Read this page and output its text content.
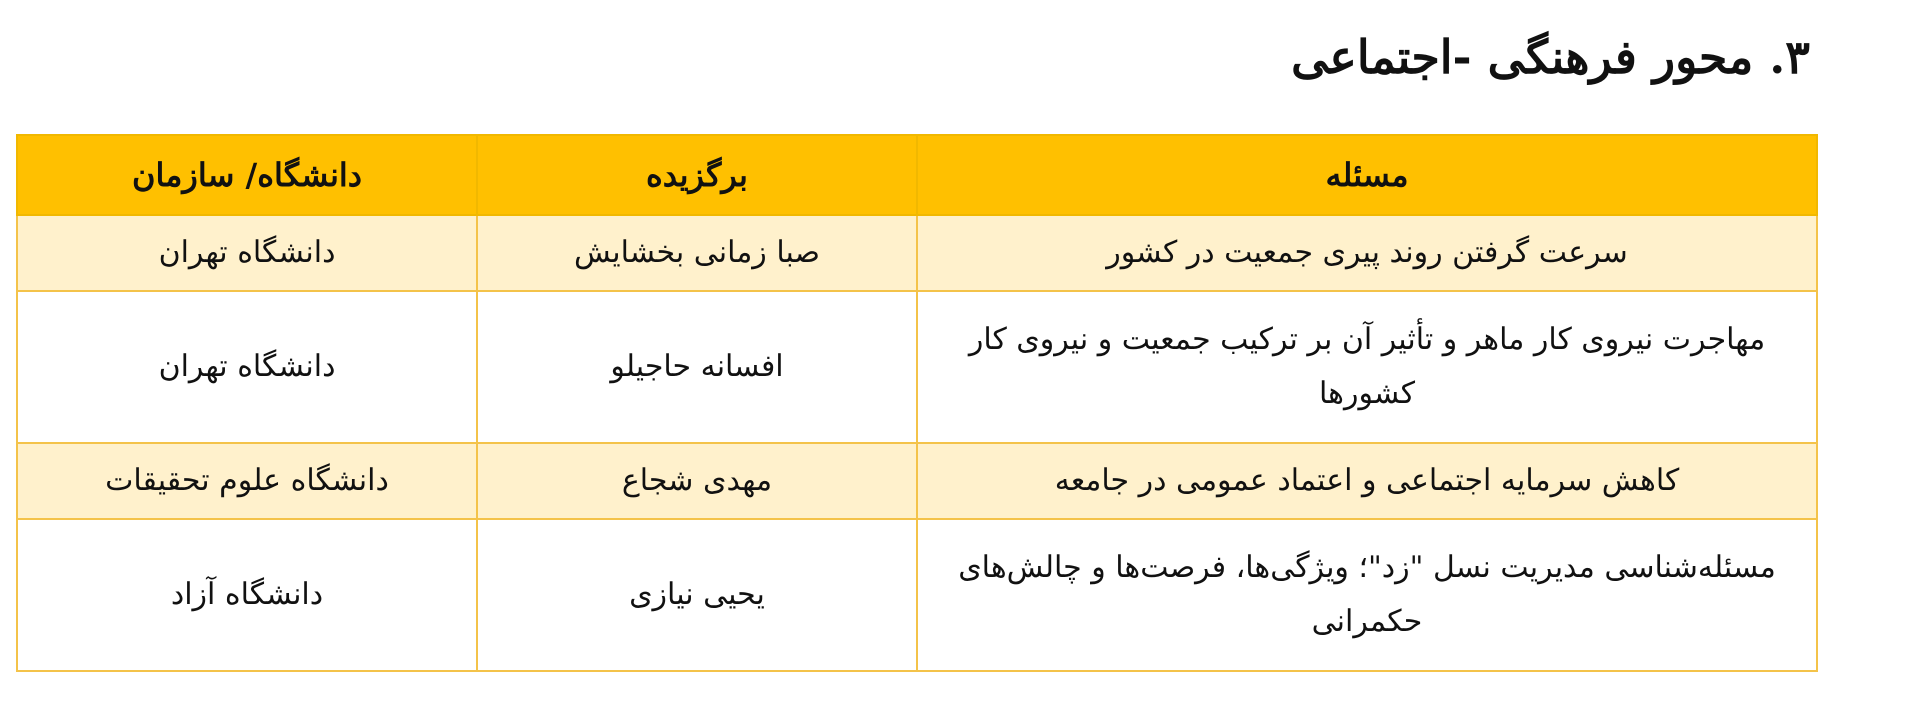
۳. محور فرهنگی -اجتماعی
مسئله	برگزیده	دانشگاه/ سازمان
سرعت گرفتن روند پیری جمعیت در کشور	صبا زمانی بخشایش	دانشگاه تهران
مهاجرت نیروی کار ماهر و تأثیر آن بر ترکیب جمعیت و نیروی کار کشورها	افسانه حاجیلو	دانشگاه تهران
کاهش سرمایه اجتماعی و اعتماد عمومی در جامعه	مهدی شجاع	دانشگاه علوم تحقیقات
مسئله‌شناسی مدیریت نسل "زد"؛ ویژگی‌ها، فرصت‌ها و چالش‌های حکمرانی	یحیی نیازی	دانشگاه آزاد
